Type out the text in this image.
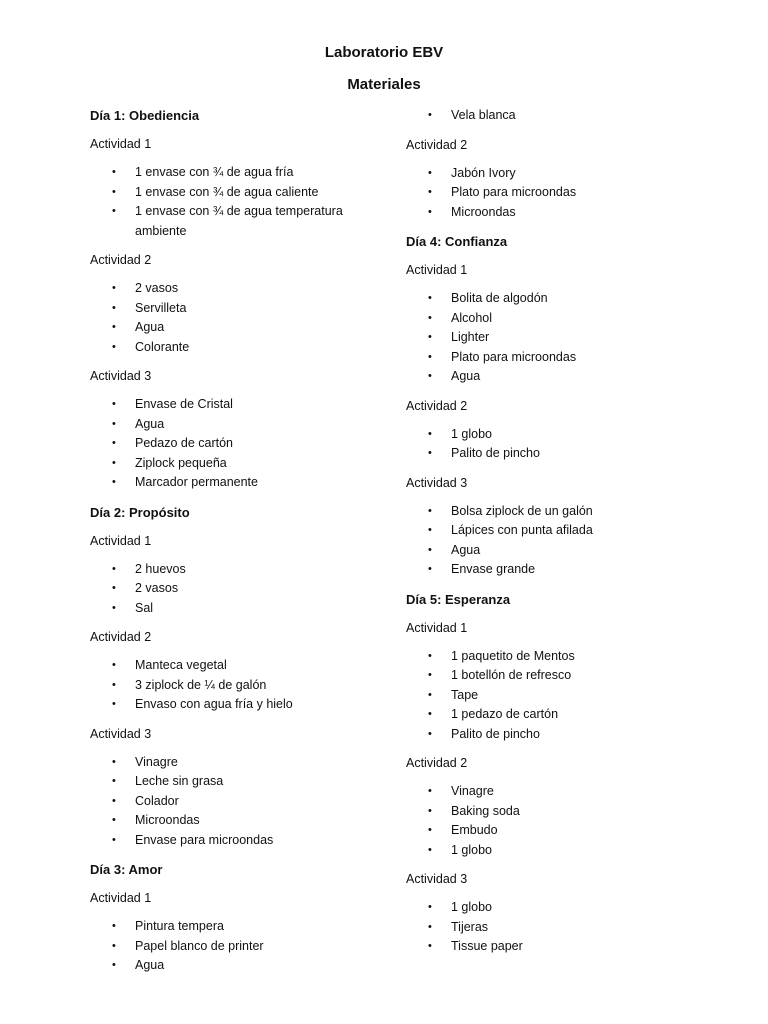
Laboratorio EBV
Materiales
Día 1: Obediencia
Actividad 1
• 1 envase con ¾ de agua fría
• 1 envase con ¾ de agua caliente
• 1 envase con ¾ de agua temperatura ambiente
Actividad 2
• 2 vasos
• Servilleta
• Agua
• Colorante
Actividad 3
• Envase de Cristal
• Agua
• Pedazo de cartón
• Ziplock pequeña
• Marcador permanente
Día 2: Propósito
Actividad 1
• 2 huevos
• 2 vasos
• Sal
Actividad 2
• Manteca vegetal
• 3 ziplock de ¼ de galón
• Envaso con agua fría y hielo
Actividad 3
• Vinagre
• Leche sin grasa
• Colador
• Microondas
• Envase para microondas
Día 3: Amor
Actividad 1
• Pintura tempera
• Papel blanco de printer
• Agua
• Vela blanca
Actividad 2
• Jabón Ivory
• Plato para microondas
• Microondas
Día 4: Confianza
Actividad 1
• Bolita de algodón
• Alcohol
• Lighter
• Plato para microondas
• Agua
Actividad 2
• 1 globo
• Palito de pincho
Actividad 3
• Bolsa ziplock de un galón
• Lápices con punta afilada
• Agua
• Envase grande
Día 5: Esperanza
Actividad 1
• 1 paquetito de Mentos
• 1 botellón de refresco
• Tape
• 1 pedazo de cartón
• Palito de pincho
Actividad 2
• Vinagre
• Baking soda
• Embudo
• 1 globo
Actividad 3
• 1 globo
• Tijeras
• Tissue paper
